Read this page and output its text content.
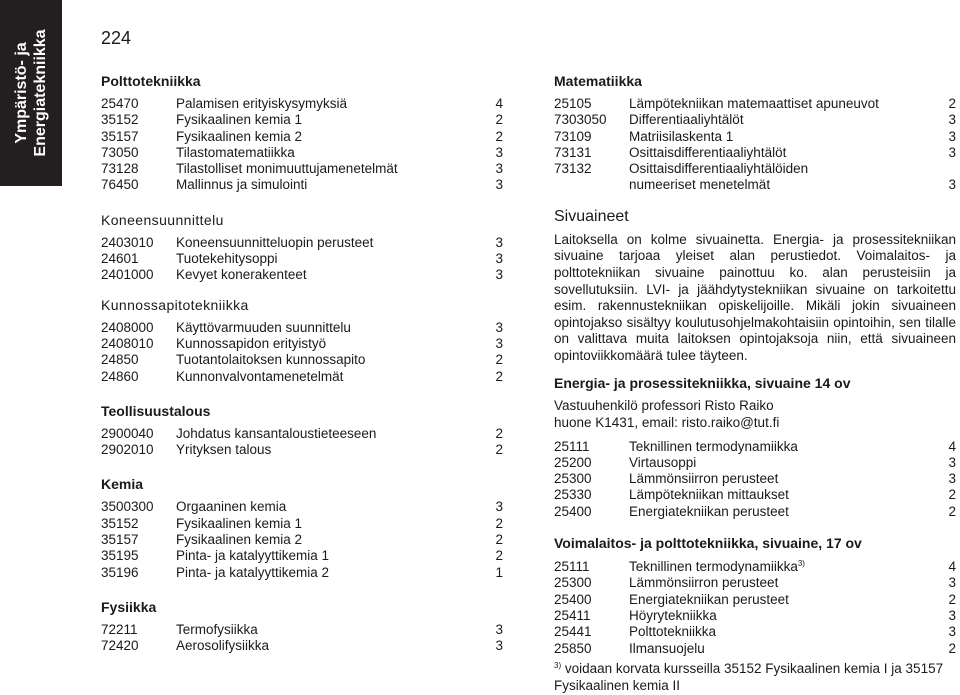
Ympäristö- ja Energiatekniikka	224
Polttotekniikka
25470	Palamisen erityiskysymyksiä	4
35152	Fysikaalinen kemia 1	2
35157	Fysikaalinen kemia 2	2
73050	Tilastomatematiikka	3
73128	Tilastolliset monimuuttujamenetelmät	3
76450	Mallinnus ja simulointi	3
Koneensuunnittelu
2403010	Koneensuunnitteluopin perusteet	3
24601	Tuotekehitysoppi	3
2401000	Kevyet konerakenteet	3
Kunnossapitotekniikka
2408000	Käyttövarmuuden suunnittelu	3
2408010	Kunnossapidon erityistyö	3
24850	Tuotantolaitoksen kunnossapito	2
24860	Kunnonvalvontamenetelmät	2
Teollisuustalous
2900040	Johdatus kansantaloustieteeseen	2
2902010	Yrityksen talous	2
Kemia
3500300	Orgaaninen kemia	3
35152	Fysikaalinen kemia 1	2
35157	Fysikaalinen kemia 2	2
35195	Pinta- ja katalyyttikemia 1	2
35196	Pinta- ja katalyyttikemia 2	1
Fysiikka
72211	Termofysiikka	3
72420	Aerosolifysiikka	3
Matematiikka
25105	Lämpötekniikan matemaattiset apuneuvot	2
7303050	Differentiaaliyhtälöt	3
73109	Matriisilaskenta 1	3
73131	Osittaisdifferentiaaliyhtälöt	3
73132	Osittaisdifferentiaaliyhtälöiden
numeeriset menetelmät	3
Sivuaineet
Laitoksella on kolme sivuainetta. Energia- ja prosessitekniikan sivuaine tarjoaa yleiset alan perustiedot. Voimalaitos- ja polttotekniikan sivuaine painottuu ko. alan perusteisiin ja sovellutuksiin. LVI- ja jäähdytystekniikan sivuaine on tarkoitettu esim. rakennustekniikan opiskelijoille. Mikäli jokin sivuaineen opintojakso sisältyy koulutusohjelmakohtaisiin opintoihin, sen tilalle on valittava muita laitoksen opintojaksoja niin, että sivuaineen opintoviikkomäärä tulee täyteen.
Energia- ja prosessitekniikka, sivuaine 14 ov
Vastuuhenkilö professori Risto Raiko
huone K1431, email: risto.raiko@tut.fi
25111	Teknillinen termodynamiikka	4
25200	Virtausoppi	3
25300	Lämmönsiirron perusteet	3
25330	Lämpötekniikan mittaukset	2
25400	Energiatekniikan perusteet	2
Voimalaitos- ja polttotekniikka, sivuaine, 17 ov
25111	Teknillinen termodynamiikka$^{3)}$	4
25300	Lämmönsiirron perusteet	3
25400	Energiatekniikan perusteet	2
25411	Höyrytekniikka	3
25441	Polttotekniikka	3
25850	Ilmansuojelu	2
$^{3)}$ voidaan korvata kursseilla 35152 Fysikaalinen kemia I ja 35157
Fysikaalinen kemia II
